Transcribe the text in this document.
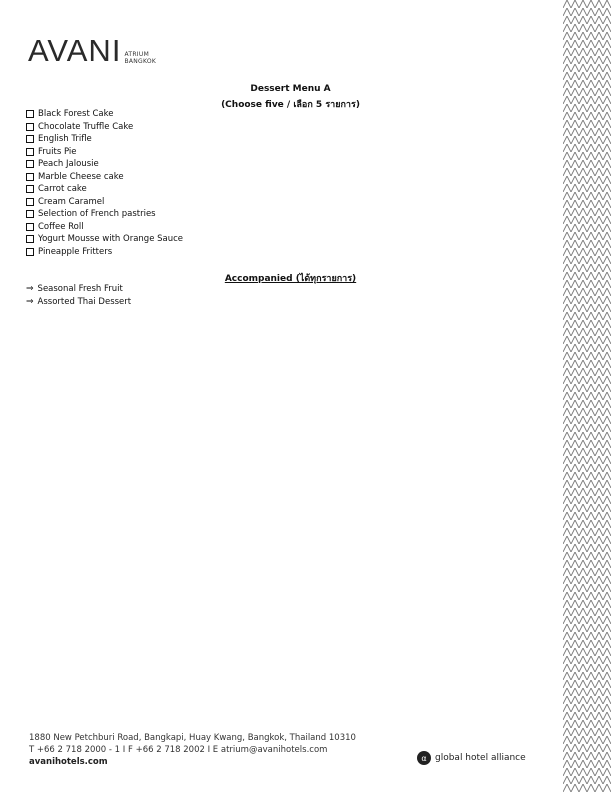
AVANI ATRIUM
BANGKOK
Dessert Menu A
(Choose five / เลือก 5 รายการ)
Black Forest Cake
Chocolate Truffle Cake
English Trifle
Fruits Pie
Peach Jalousie
Marble Cheese cake
Carrot cake
Cream Caramel
Selection of French pastries
Coffee Roll
Yogurt Mousse with Orange Sauce
Pineapple Fritters
Accompanied (ได้ทุกรายการ)
⇒ Seasonal Fresh Fruit
⇒ Assorted Thai Dessert
1880 New Petchburi Road, Bangkapi, Huay Kwang, Bangkok, Thailand 10310
T +66 2 718 2000 - 1 I F +66 2 718 2002 I E atrium@avanihotels.com
avanihotels.com	α global hotel alliance
